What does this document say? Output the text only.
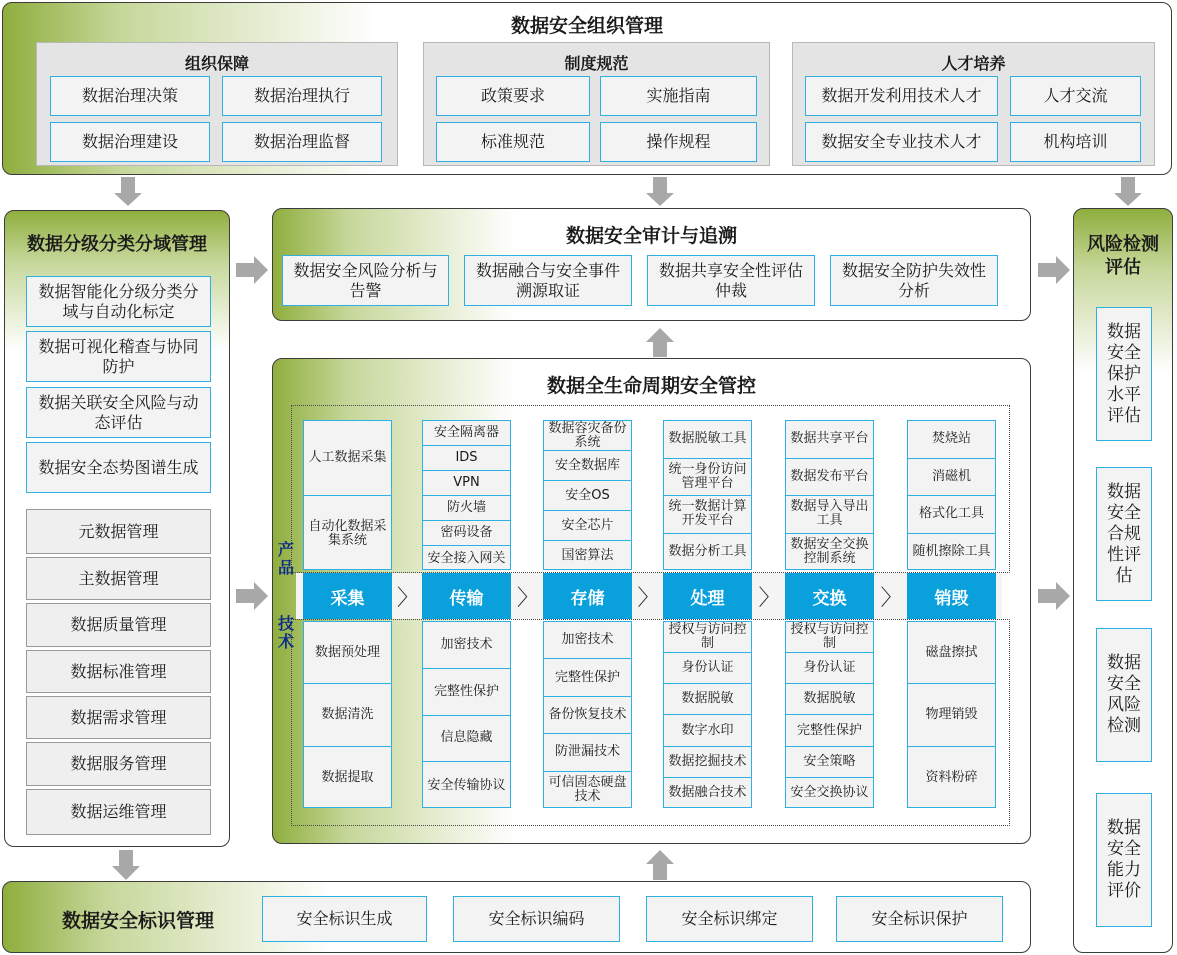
数据安全组织管理
组织保障
数据治理决策	数据治理执行
数据治理建设	数据治理监督
制度规范
政策要求	实施指南
标准规范	操作规程
人才培养
数据开发利用技术人才	人才交流
数据安全专业技术人才	机构培训
数据分级分类分域管理
数据智能化分级分类分域与自动化标定
数据可视化稽查与协同防护
数据关联安全风险与动态评估
数据安全态势图谱生成
元数据管理
主数据管理
数据质量管理
数据标准管理
数据需求管理
数据服务管理
数据运维管理
数据安全审计与追溯
数据安全风险分析与告警
数据融合与安全事件溯源取证
数据共享安全性评估仲裁
数据安全防护失效性分析
数据全生命周期安全管控
产品
技术
人工数据采集
自动化数据采集系统
采集
数据预处理
数据清洗
数据提取
〉
安全隔离器
IDS
VPN
防火墙
密码设备
安全接入网关
传输
加密技术
完整性保护
信息隐藏
安全传输协议
〉
数据容灾备份系统
安全数据库
安全OS
安全芯片
国密算法
存储
加密技术
完整性保护
备份恢复技术
防泄漏技术
可信固态硬盘技术
〉
数据脱敏工具
统一身份访问管理平台
统一数据计算开发平台
数据分析工具
处理
授权与访问控制
身份认证
数据脱敏
数字水印
数据挖掘技术
数据融合技术
〉
数据共享平台
数据发布平台
数据导入导出工具
数据安全交换控制系统
交换
授权与访问控制
身份认证
数据脱敏
完整性保护
安全策略
安全交换协议
〉
焚烧站
消磁机
格式化工具
随机擦除工具
销毁
磁盘擦拭
物理销毁
资料粉碎
风险检测评估
数据安全保护水平评估
数据安全合规性评估
数据安全风险检测
数据安全能力评价
数据安全标识管理	安全标识生成	安全标识编码	安全标识绑定	安全标识保护
